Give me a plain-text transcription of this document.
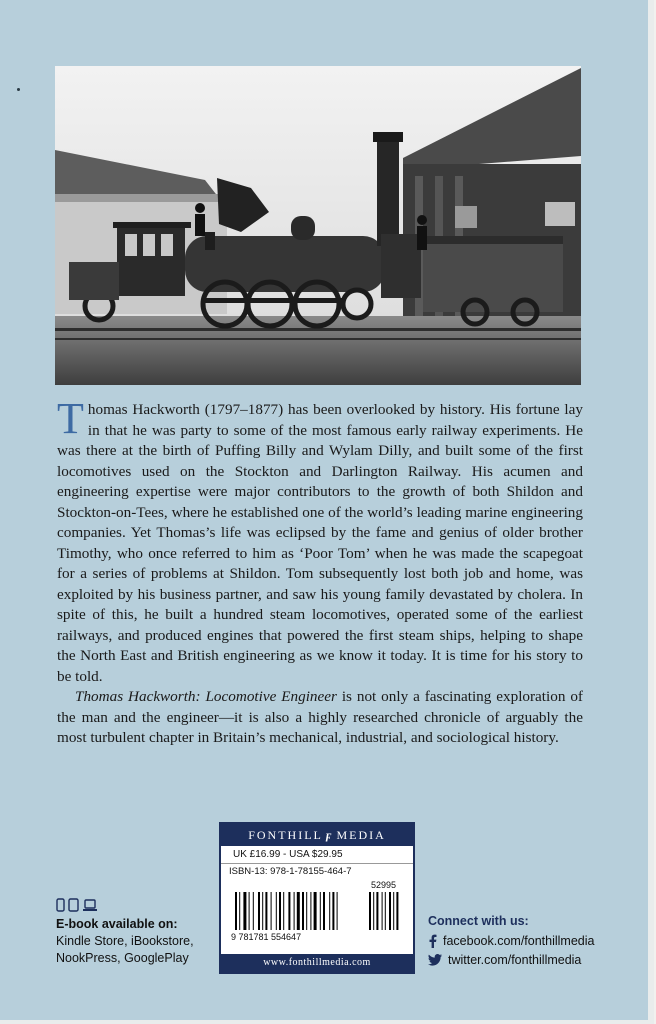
Thomas Hackworth (1797–1877) has been overlooked by history. His fortune lay in that he was party to some of the most famous early railway experiments. He was there at the birth of Puffing Billy and Wylam Dilly, and built some of the first locomotives used on the Stockton and Darlington Railway. His acumen and engineering expertise were major contributors to the growth of both Shildon and Stockton-on-Tees, where he established one of the world’s leading marine engineering companies. Yet Thomas’s life was eclipsed by the fame and genius of older brother Timothy, who once referred to him as ‘Poor Tom’ when he was made the scapegoat for a series of problems at Shildon. Tom subsequently lost both job and home, was exploited by his business partner, and saw his young family devastated by cholera. In spite of this, he built a hundred steam locomotives, operated some of the earliest railways, and produced engines that powered the first steam ships, helping to shape the North East and British engineering as we know it today. It is time for his story to be told.

Thomas Hackworth: Locomotive Engineer is not only a fascinating exploration of the man and the engineer—it is also a highly researched chronicle of arguably the most turbulent chapter in Britain’s mechanical, industrial, and sociological history.

FONTHILL ϝ MEDIA
UK £16.99 - USA $29.95
ISBN-13: 978-1-78155-464-7
52995
9 781781 554647
www.fonthillmedia.com
E-book available on:
Kindle Store, iBookstore,
NookPress, GooglePlay
Connect with us:
facebook.com/fonthillmedia
twitter.com/fonthillmedia
